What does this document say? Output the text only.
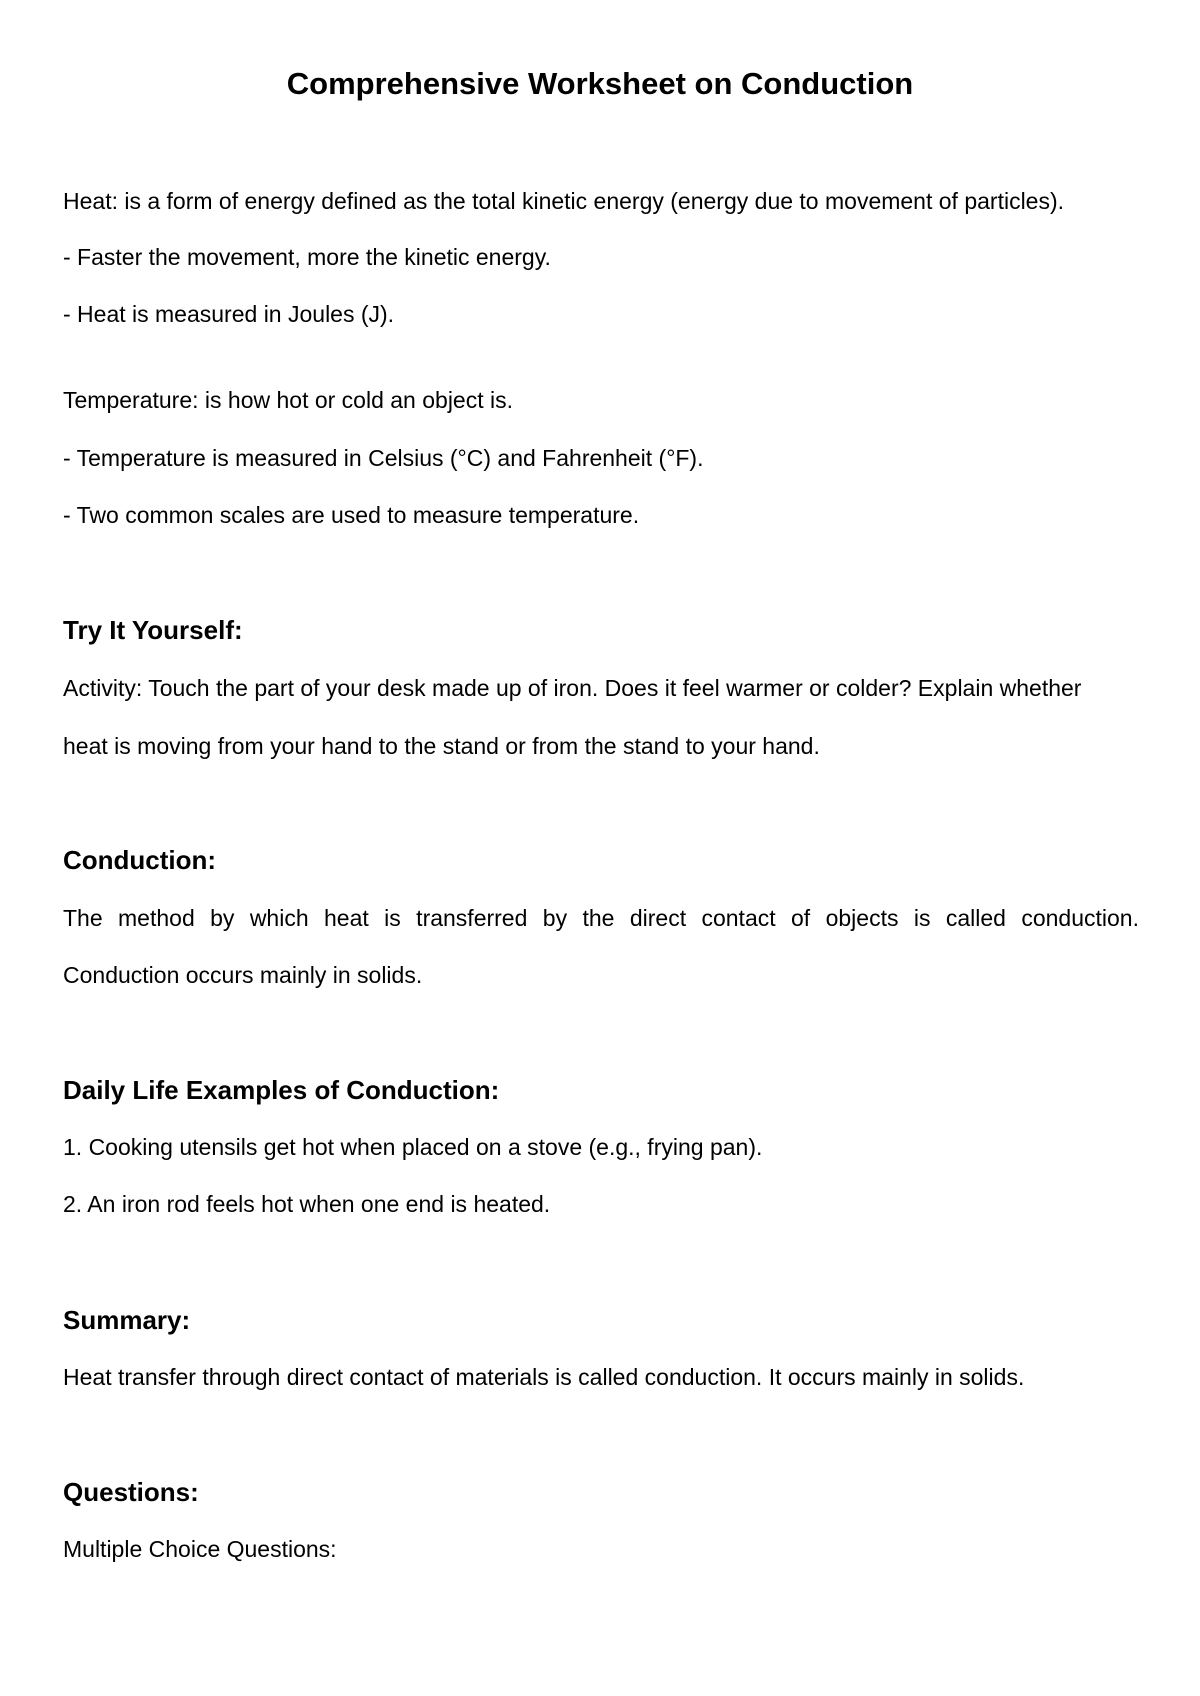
Comprehensive Worksheet on Conduction
Heat: is a form of energy defined as the total kinetic energy (energy due to movement of particles).
- Faster the movement, more the kinetic energy.
- Heat is measured in Joules (J).
Temperature: is how hot or cold an object is.
- Temperature is measured in Celsius (°C) and Fahrenheit (°F).
- Two common scales are used to measure temperature.
Try It Yourself:
Activity: Touch the part of your desk made up of iron. Does it feel warmer or colder? Explain whether
heat is moving from your hand to the stand or from the stand to your hand.
Conduction:
The method by which heat is transferred by the direct contact of objects is called conduction.
Conduction occurs mainly in solids.
Daily Life Examples of Conduction:
1. Cooking utensils get hot when placed on a stove (e.g., frying pan).
2. An iron rod feels hot when one end is heated.
Summary:
Heat transfer through direct contact of materials is called conduction. It occurs mainly in solids.
Questions:
Multiple Choice Questions:
